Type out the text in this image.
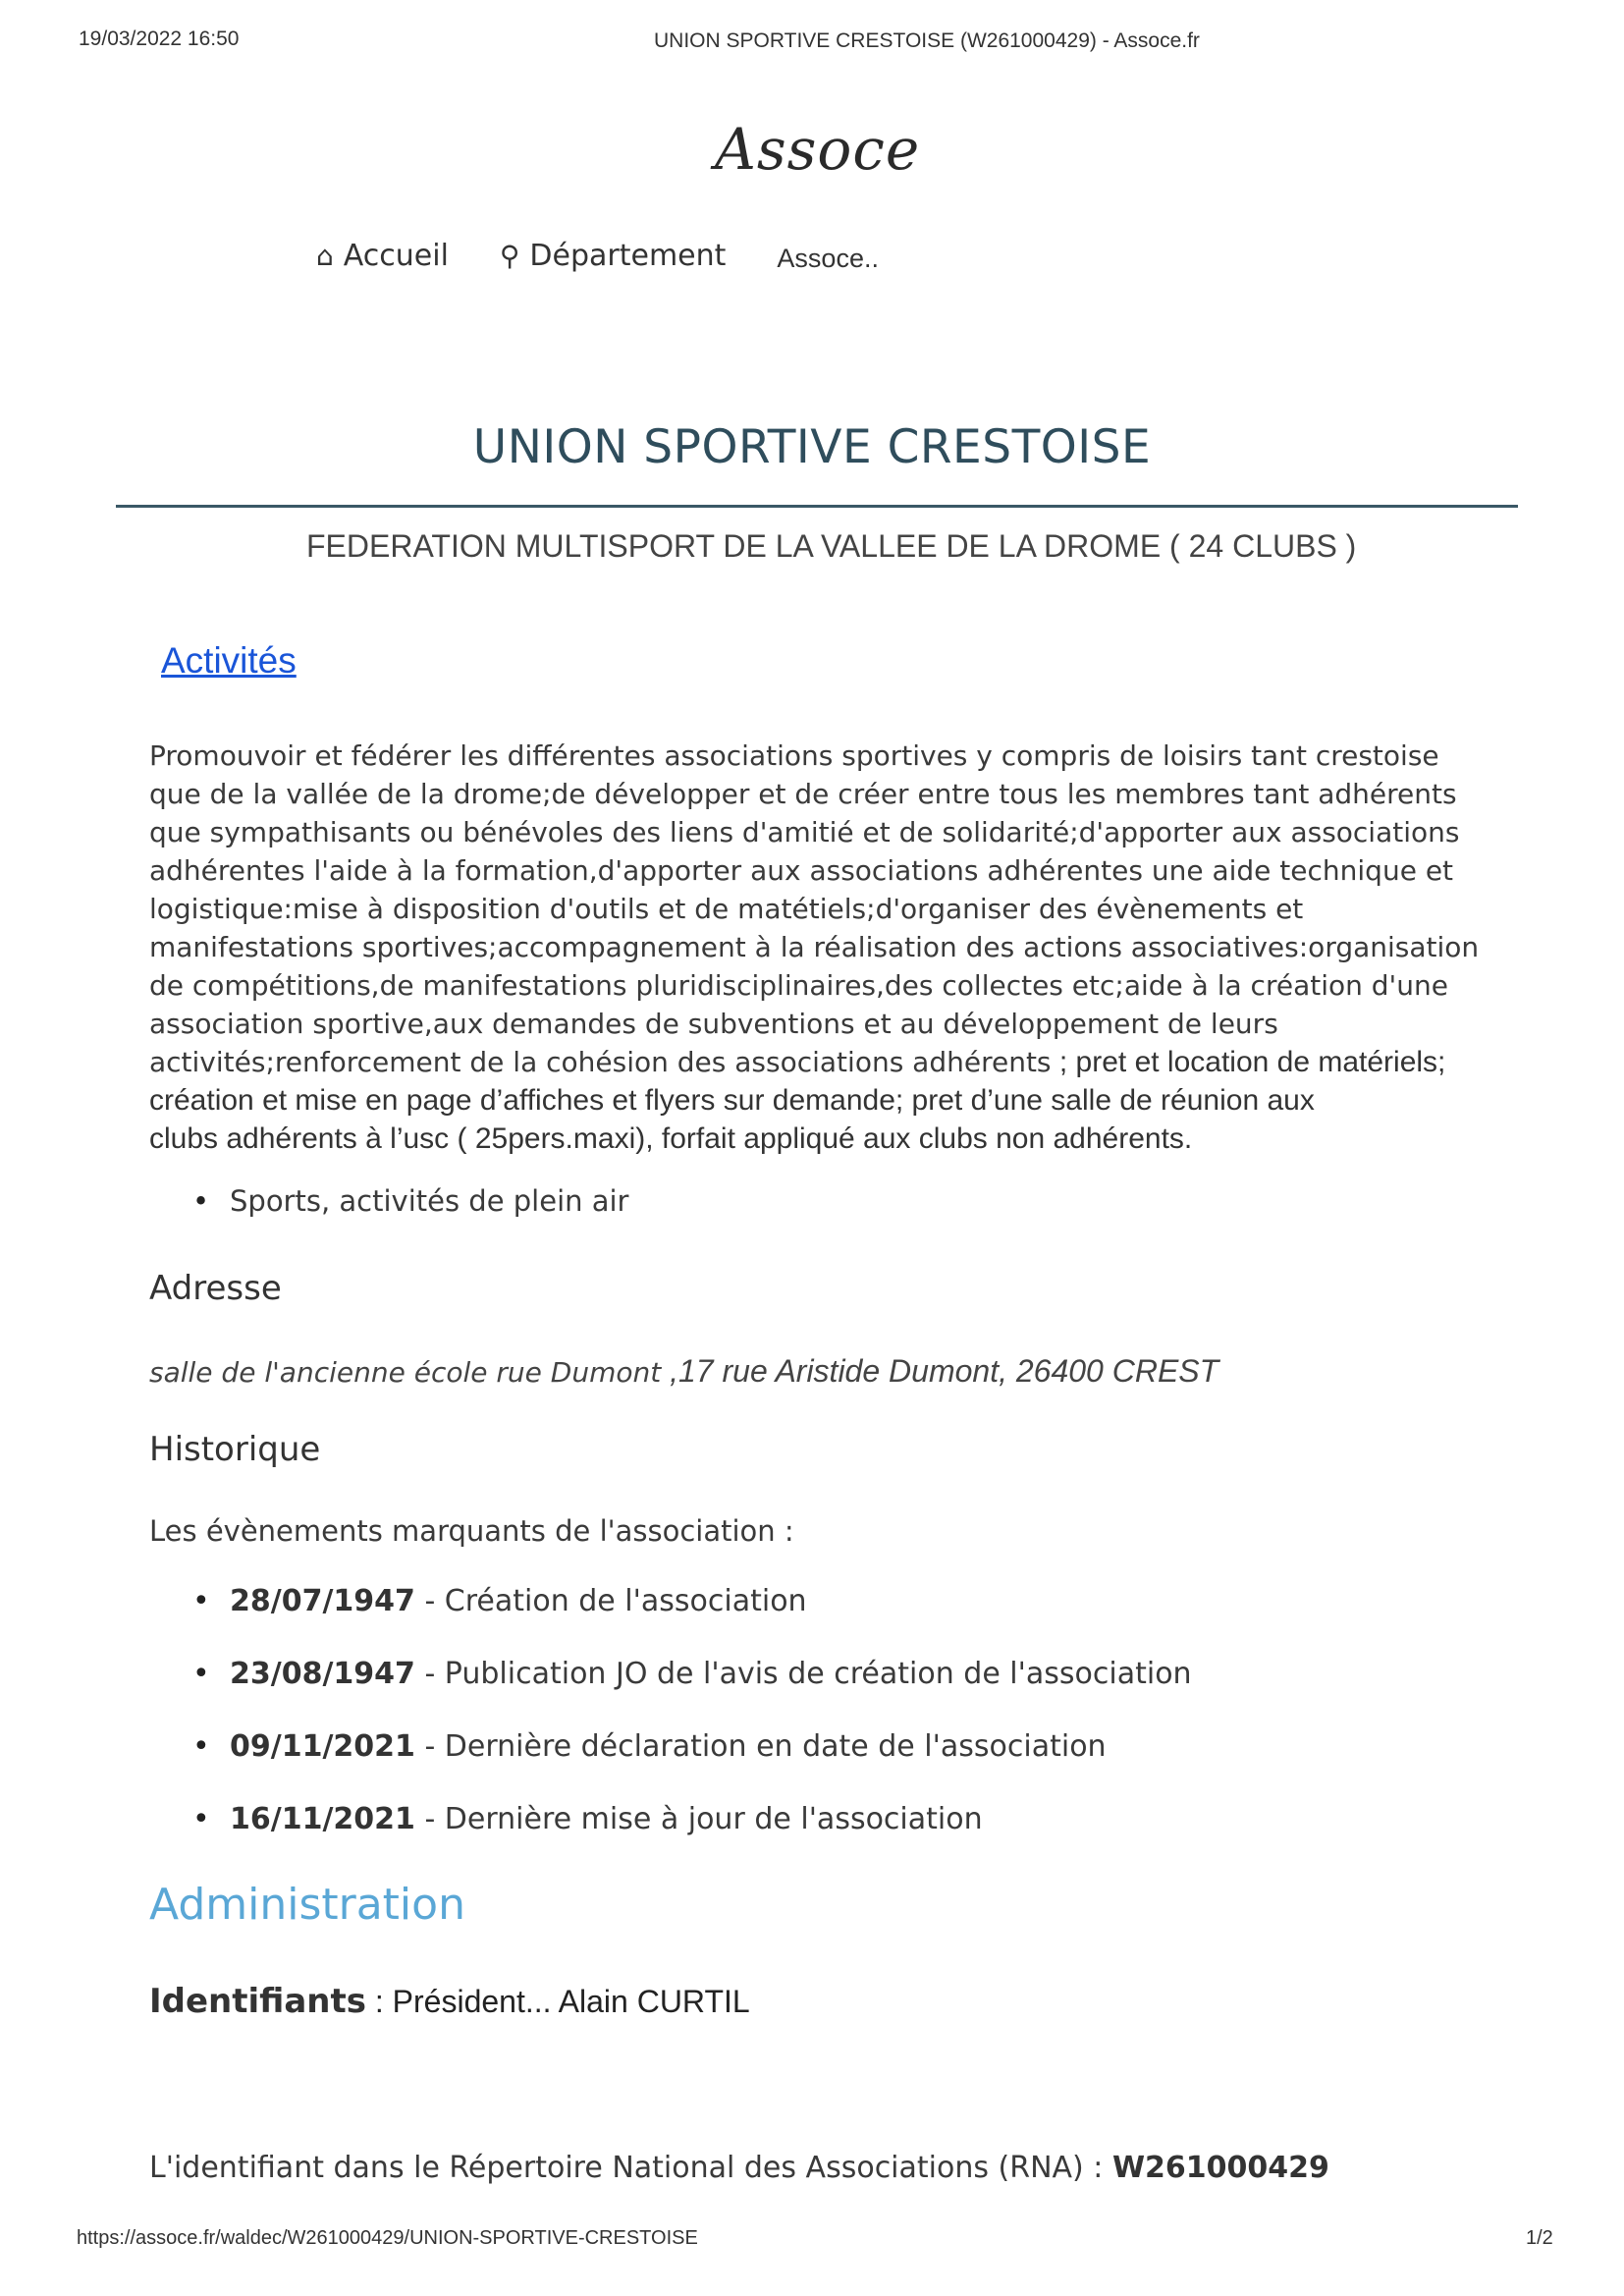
19/03/2022 16:50	UNION SPORTIVE CRESTOISE (W261000429) - Assoce.fr
Assoce
⌂ Accueil ⚲ Département Assoce..
UNION SPORTIVE CRESTOISE
FEDERATION MULTISPORT DE LA VALLEE DE LA DROME ( 24 CLUBS )
Activités
Promouvoir et fédérer les différentes associations sportives y compris de loisirs tant crestoise
que de la vallée de la drome;de développer et de créer entre tous les membres tant adhérents
que sympathisants ou bénévoles des liens d'amitié et de solidarité;d'apporter aux associations
adhérentes l'aide à la formation,d'apporter aux associations adhérentes une aide technique et
logistique:mise à disposition d'outils et de matétiels;d'organiser des évènements et
manifestations sportives;accompagnement à la réalisation des actions associatives:organisation
de compétitions,de manifestations pluridisciplinaires,des collectes etc;aide à la création d'une
association sportive,aux demandes de subventions et au développement de leurs
activités;renforcement de la cohésion des associations adhérents ; pret et location de matériels;
création et mise en page d’affiches et flyers sur demande; pret d’une salle de réunion aux
clubs adhérents à l’usc ( 25pers.maxi), forfait appliqué aux clubs non adhérents.
• Sports, activités de plein air
Adresse
salle de l'ancienne école rue Dumont ,17 rue Aristide Dumont, 26400 CREST
Historique
Les évènements marquants de l'association :
• 28/07/1947 - Création de l'association
• 23/08/1947 - Publication JO de l'avis de création de l'association
• 09/11/2021 - Dernière déclaration en date de l'association
• 16/11/2021 - Dernière mise à jour de l'association
Administration
Identifiants : Président... Alain CURTIL
L'identifiant dans le Répertoire National des Associations (RNA) : W261000429
https://assoce.fr/waldec/W261000429/UNION-SPORTIVE-CRESTOISE	1/2
